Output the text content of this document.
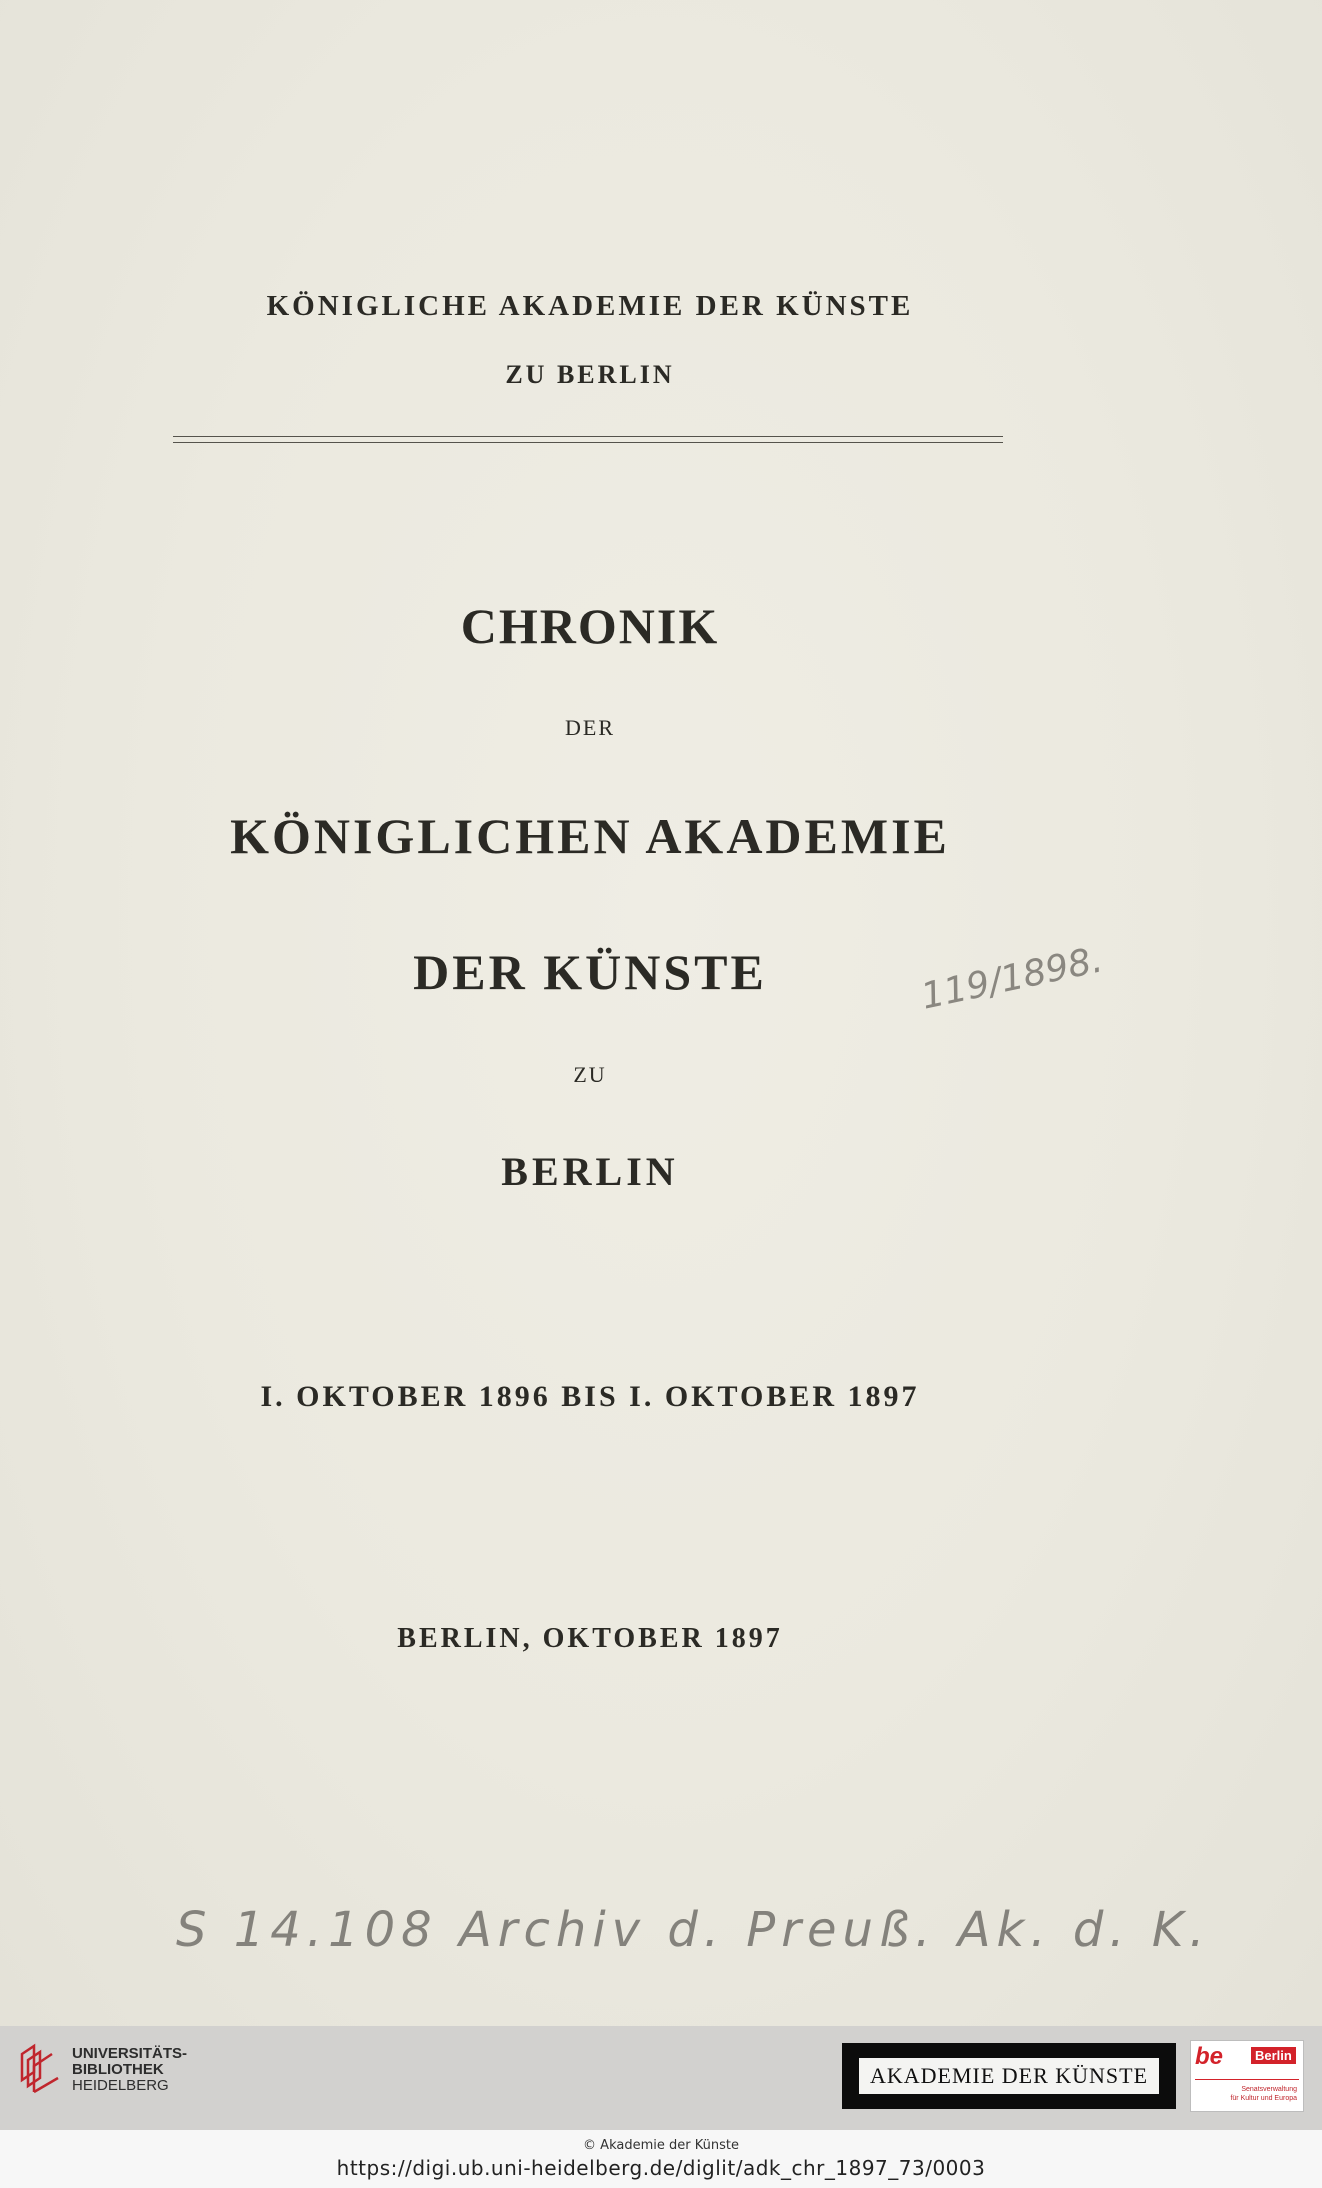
KÖNIGLICHE AKADEMIE DER KÜNSTE

ZU BERLIN

CHRONIK

DER

KÖNIGLICHEN AKADEMIE

DER KÜNSTE

ZU

BERLIN

I. OKTOBER 1896 BIS I. OKTOBER 1897

BERLIN, OKTOBER 1897

119/1898.
S 14.108 Archiv d. Preuß. Ak. d. K.
UNIVERSITÄTS-
BIBLIOTHEK
HEIDELBERG	AKADEMIE DER KÜNSTE
be	Berlin
Senatsverwaltung
für Kultur und Europa
© Akademie der Künste
https://digi.ub.uni-heidelberg.de/diglit/adk_chr_1897_73/0003
